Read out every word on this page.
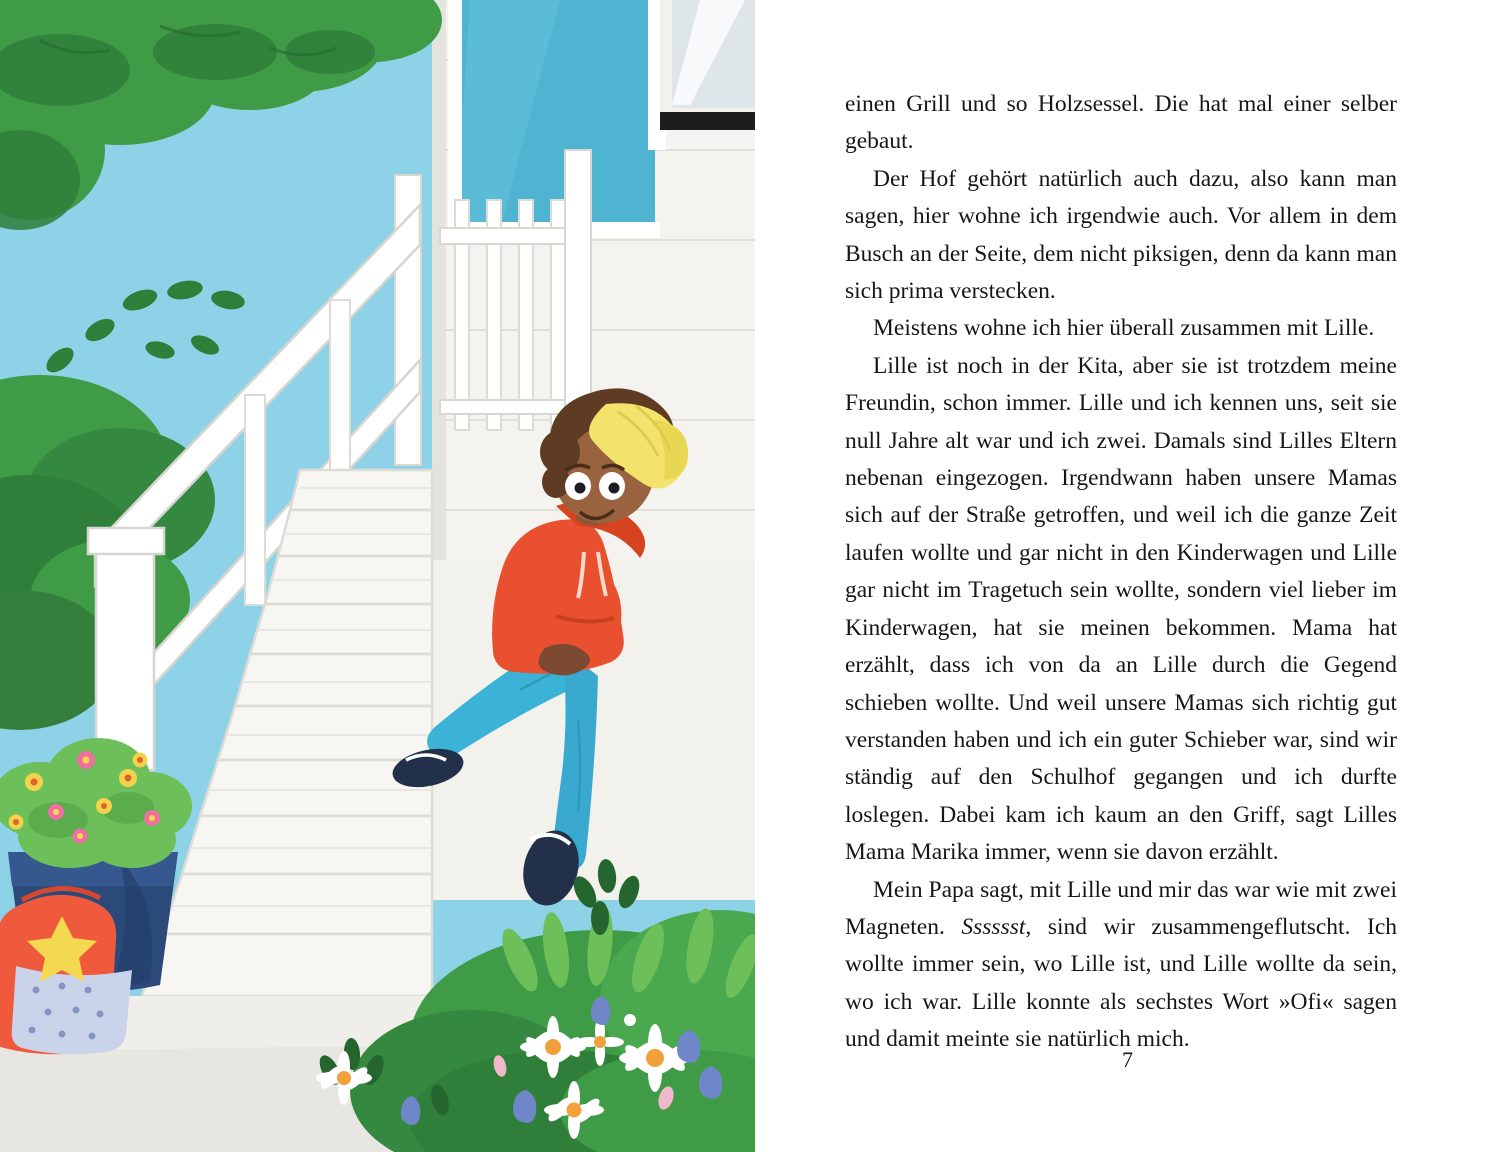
einen Grill und so Holzsessel. Die hat mal einer selber gebaut.

Der Hof gehört natürlich auch dazu, also kann man sagen, hier wohne ich irgendwie auch. Vor allem in dem Busch an der Seite, dem nicht piksigen, denn da kann man sich prima verstecken.

Meistens wohne ich hier überall zusammen mit Lille.

Lille ist noch in der Kita, aber sie ist trotzdem meine Freundin, schon immer. Lille und ich kennen uns, seit sie null Jahre alt war und ich zwei. Damals sind Lilles Eltern nebenan eingezogen. Irgendwann haben unsere Mamas sich auf der Straße getroffen, und weil ich die ganze Zeit laufen wollte und gar nicht in den Kinderwagen und Lille gar nicht im Tragetuch sein wollte, sondern viel lieber im Kinderwagen, hat sie meinen bekommen. Mama hat erzählt, dass ich von da an Lille durch die Gegend schieben wollte. Und weil unsere Mamas sich richtig gut verstanden haben und ich ein guter Schieber war, sind wir ständig auf den Schulhof gegangen und ich durfte loslegen. Dabei kam ich kaum an den Griff, sagt Lilles Mama Marika immer, wenn sie davon erzählt.

Mein Papa sagt, mit Lille und mir das war wie mit zwei Magneten. Sssssst, sind wir zusammengeflutscht. Ich wollte immer sein, wo Lille ist, und Lille wollte da sein, wo ich war. Lille konnte als sechstes Wort »Ofi« sagen und damit meinte sie natürlich mich.

7
